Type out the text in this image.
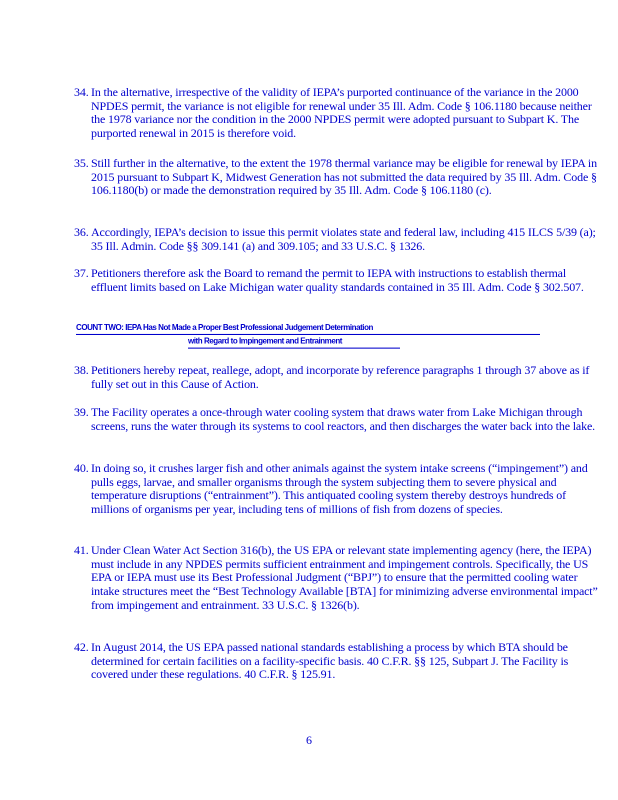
34. In the alternative, irrespective of the validity of IEPA’s purported continuance of the variance in the 2000 NPDES permit, the variance is not eligible for renewal under 35 Ill. Adm. Code § 106.1180 because neither the 1978 variance nor the condition in the 2000 NPDES permit were adopted pursuant to Subpart K. The purported renewal in 2015 is therefore void.
35. Still further in the alternative, to the extent the 1978 thermal variance may be eligible for renewal by IEPA in 2015 pursuant to Subpart K, Midwest Generation has not submitted the data required by 35 Ill. Adm. Code § 106.1180(b) or made the demonstration required by 35 Ill. Adm. Code § 106.1180 (c).
36. Accordingly, IEPA’s decision to issue this permit violates state and federal law, including 415 ILCS 5/39 (a); 35 Ill. Admin. Code §§ 309.141 (a) and 309.105; and 33 U.S.C. § 1326.
37. Petitioners therefore ask the Board to remand the permit to IEPA with instructions to establish thermal effluent limits based on Lake Michigan water quality standards contained in 35 Ill. Adm. Code § 302.507.
COUNT TWO: IEPA Has Not Made a Proper Best Professional Judgement Determination
with Regard to Impingement and Entrainment
38. Petitioners hereby repeat, reallege, adopt, and incorporate by reference paragraphs 1 through 37 above as if fully set out in this Cause of Action.
39. The Facility operates a once-through water cooling system that draws water from Lake Michigan through screens, runs the water through its systems to cool reactors, and then discharges the water back into the lake.
40. In doing so, it crushes larger fish and other animals against the system intake screens (“impingement”) and pulls eggs, larvae, and smaller organisms through the system subjecting them to severe physical and temperature disruptions (“entrainment”). This antiquated cooling system thereby destroys hundreds of millions of organisms per year, including tens of millions of fish from dozens of species.
41. Under Clean Water Act Section 316(b), the US EPA or relevant state implementing agency (here, the IEPA) must include in any NPDES permits sufficient entrainment and impingement controls. Specifically, the US EPA or IEPA must use its Best Professional Judgment (“BPJ”) to ensure that the permitted cooling water intake structures meet the “Best Technology Available [BTA] for minimizing adverse environmental impact” from impingement and entrainment. 33 U.S.C. § 1326(b).
42. In August 2014, the US EPA passed national standards establishing a process by which BTA should be determined for certain facilities on a facility-specific basis. 40 C.F.R. §§ 125, Subpart J. The Facility is covered under these regulations. 40 C.F.R. § 125.91.
6
